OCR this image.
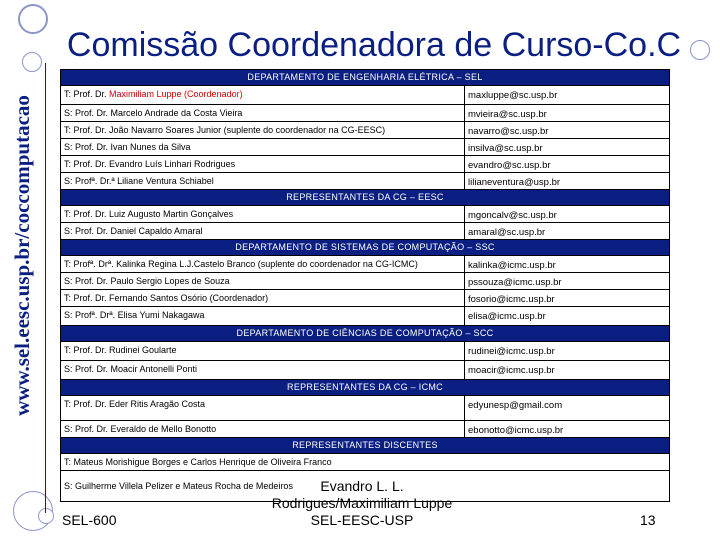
www.sel.eesc.usp.br/coccomputacao
Comissão Coordenadora de Curso-Co.C
DEPARTAMENTO DE ENGENHARIA ELÉTRICA – SEL
T: Prof. Dr. Maximiliam Luppe (Coordenador)	maxluppe@sc.usp.br
S: Prof. Dr. Marcelo Andrade da Costa Vieira	mvieira@sc.usp.br
T: Prof. Dr. João Navarro Soares Junior (suplente do coordenador na CG-EESC)	navarro@sc.usp.br
S: Prof. Dr. Ivan Nunes da Silva	insilva@sc.usp.br
T: Prof. Dr. Evandro Luís Linhari Rodrigues	evandro@sc.usp.br
S: Profª. Dr.ª Liliane Ventura Schiabel	lilianeventura@usp.br
REPRESENTANTES DA CG – EESC
T: Prof. Dr. Luiz Augusto Martin Gonçalves	mgoncalv@sc.usp.br
S: Prof. Dr. Daniel Capaldo Amaral	amaral@sc.usp.br
DEPARTAMENTO DE SISTEMAS DE COMPUTAÇÃO – SSC
T: Profª. Drª. Kalinka Regina L.J.Castelo Branco (suplente do coordenador na CG-ICMC)	kalinka@icmc.usp.br
S: Prof. Dr. Paulo Sergio Lopes de Souza	pssouza@icmc.usp.br
T: Prof. Dr. Fernando Santos Osório (Coordenador)	fosorio@icmc.usp.br
S: Profª. Drª. Elisa Yumi Nakagawa	elisa@icmc.usp.br
DEPARTAMENTO DE CIÊNCIAS DE COMPUTAÇÃO – SCC
T: Prof. Dr. Rudinei Goularte	rudinei@icmc.usp.br
S: Prof. Dr. Moacir Antonelli Ponti	moacir@icmc.usp.br
REPRESENTANTES DA CG – ICMC
T: Prof. Dr. Eder Ritis Aragão Costa	edyunesp@gmail.com
S: Prof. Dr. Everaldo de Mello Bonotto	ebonotto@icmc.usp.br
REPRESENTANTES DISCENTES
T: Mateus Morishigue Borges e Carlos Henrique de Oliveira Franco
S: Guilherme Villela Pelizer e Mateus Rocha de Medeiros
SEL-600
Evandro L. L.
Rodrigues/Maximiliam Luppe
SEL-EESC-USP	13
